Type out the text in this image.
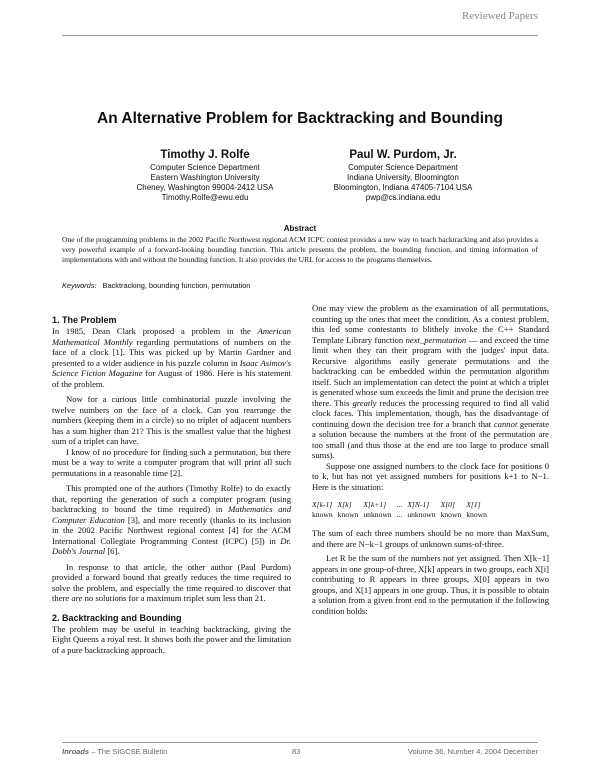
Reviewed Papers
An Alternative Problem for Backtracking and Bounding
Timothy J. Rolfe
Computer Science Department
Eastern Washington University
Cheney, Washington 99004-2412 USA
Timothy.Rolfe@ewu.edu
Paul W. Purdom, Jr.
Computer Science Department
Indiana University, Bloomington
Bloomington, Indiana 47405-7104 USA
pwp@cs.indiana.edu
Abstract
One of the programming problems in the 2002 Pacific Northwest regional ACM ICPC contest provides a new way to teach backtracking and also provides a very powerful example of a forward-looking bounding function. This article presents the problem, the bounding function, and timing information of implementations with and without the bounding function. It also provides the URL for access to the programs themselves.
Keywords: Backtracking, bounding function, permutation
1. The Problem

In 1985, Dean Clark proposed a problem in the American Mathematical Monthly regarding permutations of numbers on the face of a clock [1]. This was picked up by Martin Gardner and presented to a wider audience in his puzzle column in Isaac Asimov's Science Fiction Magazine for August of 1986. Here is his statement of the problem.

Now for a curious little combinatorial puzzle involving the twelve numbers on the face of a clock. Can you rearrange the numbers (keeping them in a circle) so no triplet of adjacent numbers has a sum higher than 21? This is the smallest value that the highest sum of a triplet can have.

I know of no procedure for finding such a permutation, but there must be a way to write a computer program that will print all such permutations in a reasonable time [2].

This prompted one of the authors (Timothy Rolfe) to do exactly that, reporting the generation of such a computer program (using backtracking to bound the time required) in Mathematics and Computer Education [3], and more recently (thanks to its inclusion in the 2002 Pacific Northwest regional contest [4] for the ACM International Collegiate Programming Contest (ICPC) [5]) in Dr. Dobb's Journal [6].

In response to that article, the other author (Paul Purdom) provided a forward bound that greatly reduces the time required to solve the problem, and especially the time required to discover that there are no solutions for a maximum triplet sum less than 21.

2. Backtracking and Bounding

The problem may be useful in teaching backtracking, giving the Eight Queens a royal rest. It shows both the power and the limitation of a pure backtracking approach.

One may view the problem as the examination of all permutations, counting up the ones that meet the condition. As a contest problem, this led some contestants to blithely invoke the C++ Standard Template Library function next_permutation — and exceed the time limit when they ran their program with the judges' input data. Recursive algorithms easily generate permutations and the backtracking can be embedded within the permutation algorithm itself. Such an implementation can detect the point at which a triplet is generated whose sum exceeds the limit and prune the decision tree there. This greatly reduces the processing required to find all valid clock faces. This implementation, though, has the disadvantage of continuing down the decision tree for a branch that cannot generate a solution because the numbers at the front of the permutation are too small (and thus those at the end are too large to produce small sums).

Suppose one assigned numbers to the clock face for positions 0 to k, but has not yet assigned numbers for positions k+1 to N−1. Here is the situation:

X[k-1]	X[k]	X[k+1]	...	X[N-1]	X[0]	X[1]
known	known	unknown	...	unknown	known	known

The sum of each three numbers should be no more than MaxSum, and there are N−k−1 groups of unknown sums-of-three.

Let R be the sum of the numbers not yet assigned. Then X[k−1] appears in one group-of-three, X[k] appears in two groups, each X[i] contributing to R appears in three groups, X[0] appears in two groups, and X[1] appears in one group. Thus, it is possible to obtain a solution from a given front end to the permutation if the following condition holds:

Inroads – The SIGCSE Bulletin	83	Volume 36, Number 4, 2004 December
